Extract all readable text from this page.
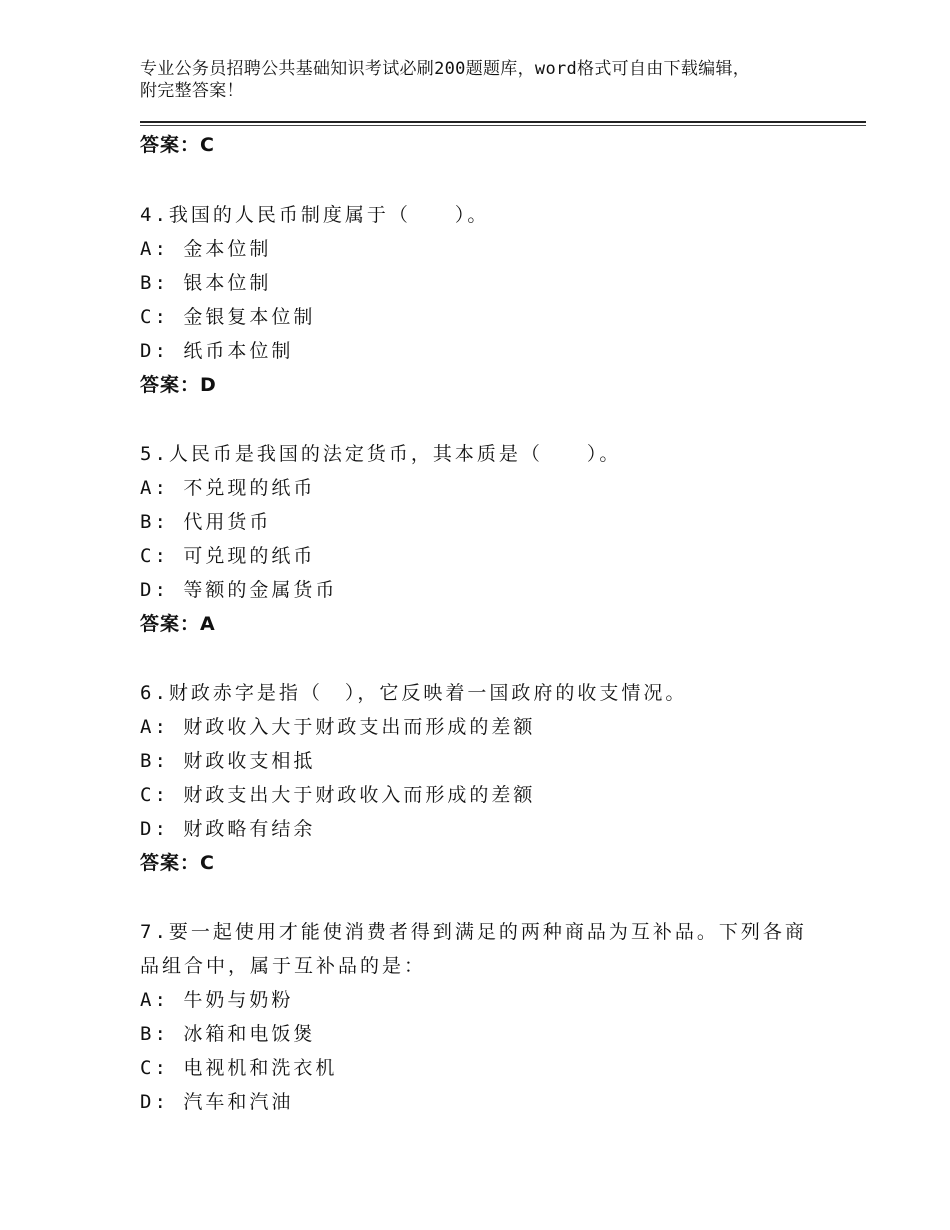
专业公务员招聘公共基础知识考试必刷200题题库，word格式可自由下载编辑，
附完整答案！
答案：C
4.我国的人民币制度属于（　　）。
A: 金本位制
B: 银本位制
C: 金银复本位制
D: 纸币本位制
答案：D
5.人民币是我国的法定货币，其本质是（　　）。
A: 不兑现的纸币
B: 代用货币
C: 可兑现的纸币
D: 等额的金属货币
答案：A
6.财政赤字是指（　），它反映着一国政府的收支情况。
A: 财政收入大于财政支出而形成的差额
B: 财政收支相抵
C: 财政支出大于财政收入而形成的差额
D: 财政略有结余
答案：C
7.要一起使用才能使消费者得到满足的两种商品为互补品。下列各商
品组合中，属于互补品的是：
A: 牛奶与奶粉
B: 冰箱和电饭煲
C: 电视机和洗衣机
D: 汽车和汽油
